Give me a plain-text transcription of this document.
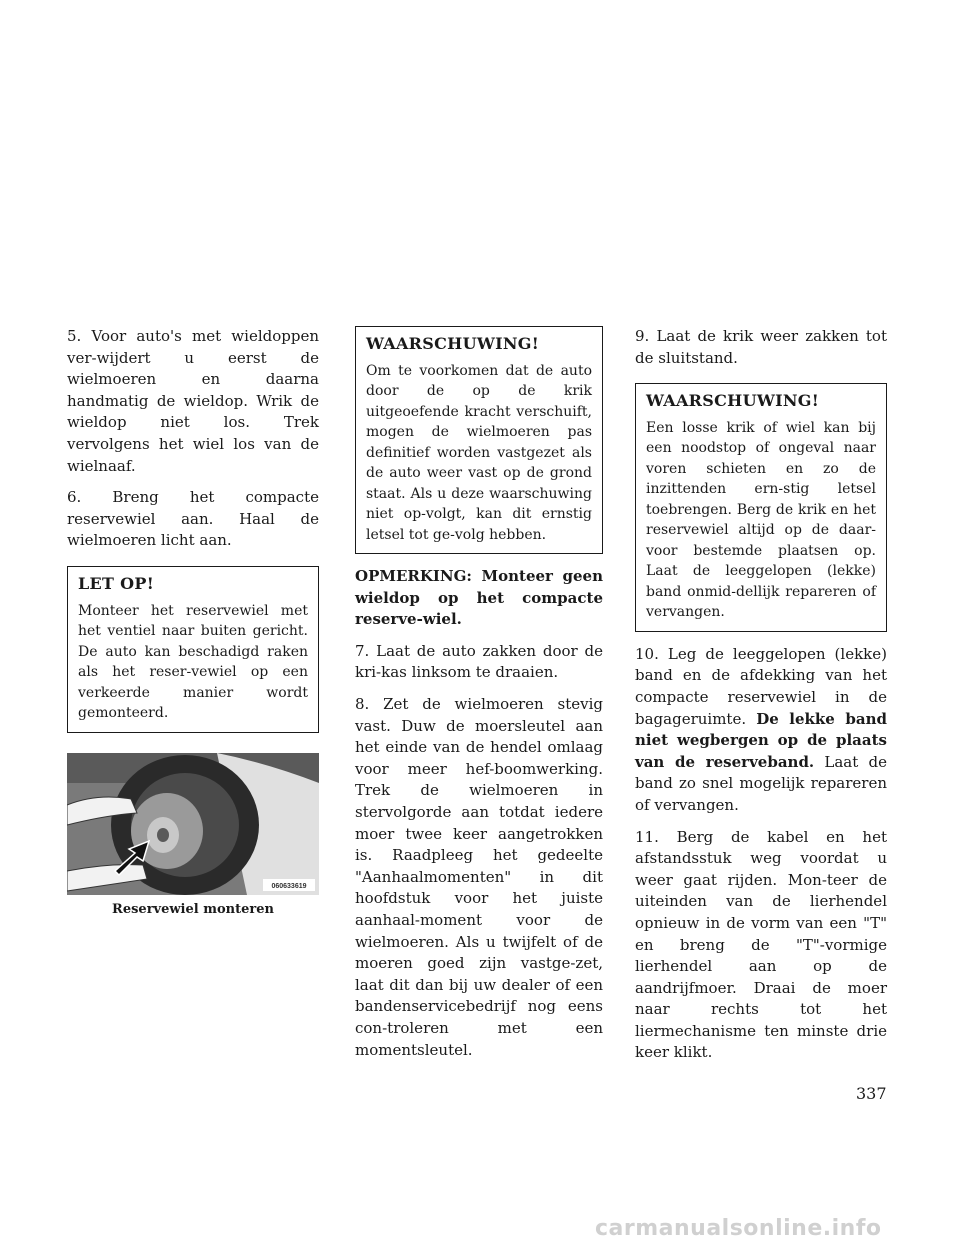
5. Voor auto's met wieldoppen ver-wijdert u eerst de wielmoeren en daarna handmatig de wieldop. Wrik de wieldop niet los. Trek vervolgens het wiel los van de wielnaaf.

6. Breng het compacte reservewiel aan. Haal de wielmoeren licht aan.

LET OP!
Monteer het reservewiel met het ventiel naar buiten gericht. De auto kan beschadigd raken als het reser-vewiel op een verkeerde manier wordt gemonteerd.
060633619
Reservewiel monteren
WAARSCHUWING!
Om te voorkomen dat de auto door de op de krik uitgeoefende kracht verschuift, mogen de wielmoeren pas definitief worden vastgezet als de auto weer vast op de grond staat. Als u deze waarschuwing niet op-volgt, kan dit ernstig letsel tot ge-volg hebben.

OPMERKING: Monteer geen wieldop op het compacte reserve-wiel.

7. Laat de auto zakken door de kri-kas linksom te draaien.

8. Zet de wielmoeren stevig vast. Duw de moersleutel aan het einde van de hendel omlaag voor meer hef-boomwerking. Trek de wielmoeren in stervolgorde aan totdat iedere moer twee keer aangetrokken is. Raadpleeg het gedeelte "Aanhaalmomenten" in dit hoofdstuk voor het juiste aanhaal-moment voor de wielmoeren. Als u twijfelt of de moeren goed zijn vastge-zet, laat dit dan bij uw dealer of een bandenservicebedrijf nog eens con-troleren met een momentsleutel.

9. Laat de krik weer zakken tot de sluitstand.

WAARSCHUWING!
Een losse krik of wiel kan bij een noodstop of ongeval naar voren schieten en zo de inzittenden ern-stig letsel toebrengen. Berg de krik en het reservewiel altijd op de daar-voor bestemde plaatsen op. Laat de leeggelopen (lekke) band onmid-dellijk repareren of vervangen.

10. Leg de leeggelopen (lekke) band en de afdekking van het compacte reservewiel in de bagageruimte. De lekke band niet wegbergen op de plaats van de reserveband. Laat de band zo snel mogelijk repareren of vervangen.

11. Berg de kabel en het afstandsstuk weg voordat u weer gaat rijden. Mon-teer de uiteinden van de lierhendel opnieuw in de vorm van een "T" en breng de "T"-vormige lierhendel aan op de aandrijfmoer. Draai de moer naar rechts tot het liermechanisme ten minste drie keer klikt.

337
carmanualsonline.info
